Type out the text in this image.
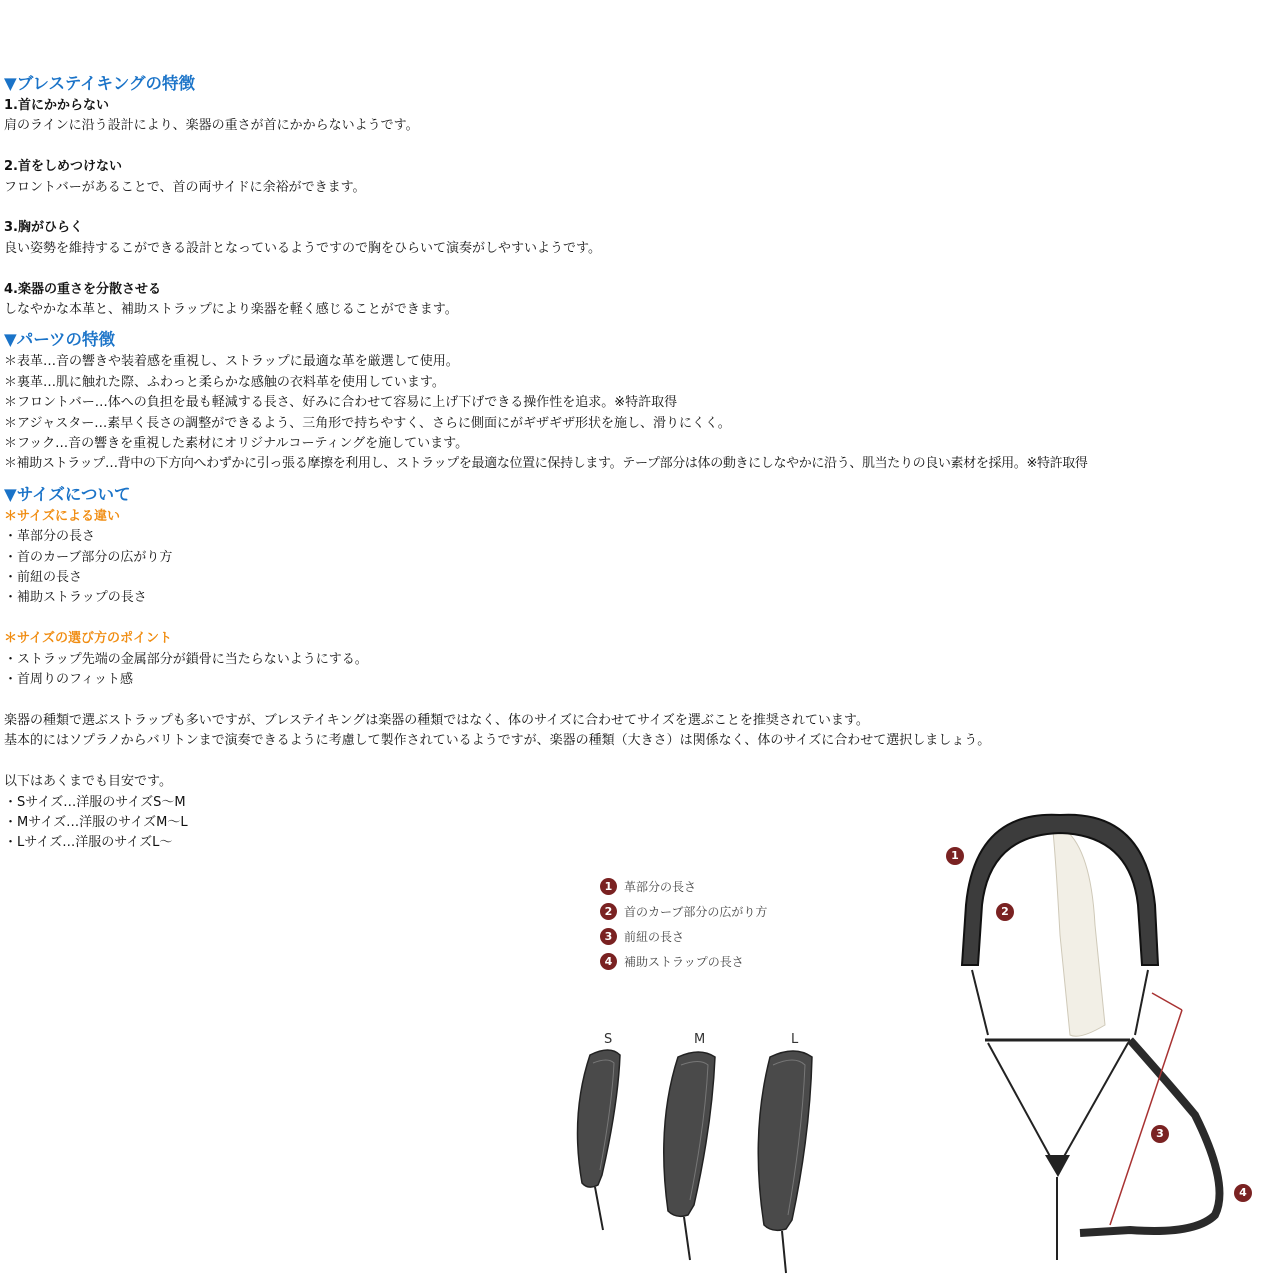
▼ブレステイキングの特徴
1.首にかからない
肩のラインに沿う設計により、楽器の重さが首にかからないようです。
2.首をしめつけない
フロントバーがあることで、首の両サイドに余裕ができます。
3.胸がひらく
良い姿勢を維持するこができる設計となっているようですので胸をひらいて演奏がしやすいようです。
4.楽器の重さを分散させる
しなやかな本革と、補助ストラップにより楽器を軽く感じることができます。
▼パーツの特徴
＊表革…音の響きや装着感を重視し、ストラップに最適な革を厳選して使用。
＊裏革…肌に触れた際、ふわっと柔らかな感触の衣料革を使用しています。
＊フロントバー…体への負担を最も軽減する長さ、好みに合わせて容易に上げ下げできる操作性を追求。※特許取得
＊アジャスター…素早く長さの調整ができるよう、三角形で持ちやすく、さらに側面にがギザギザ形状を施し、滑りにくく。
＊フック…音の響きを重視した素材にオリジナルコーティングを施しています。
＊補助ストラップ…背中の下方向へわずかに引っ張る摩擦を利用し、ストラップを最適な位置に保持します。テープ部分は体の動きにしなやかに沿う、肌当たりの良い素材を採用。※特許取得
▼サイズについて
＊サイズによる違い
・革部分の長さ
・首のカーブ部分の広がり方
・前紐の長さ
・補助ストラップの長さ
＊サイズの選び方のポイント
・ストラップ先端の金属部分が鎖骨に当たらないようにする。
・首周りのフィット感
楽器の種類で選ぶストラップも多いですが、ブレステイキングは楽器の種類ではなく、体のサイズに合わせてサイズを選ぶことを推奨されています。
基本的にはソプラノからバリトンまで演奏できるように考慮して製作されているようですが、楽器の種類（大きさ）は関係なく、体のサイズに合わせて選択しましょう。
以下はあくまでも目安です。
・Sサイズ…洋服のサイズS〜M
・Mサイズ…洋服のサイズM〜L
・Lサイズ…洋服のサイズL〜
1 革部分の長さ
2 首のカーブ部分の広がり方
3 前紐の長さ
4 補助ストラップの長さ
S	M	L
1
2
3
4
